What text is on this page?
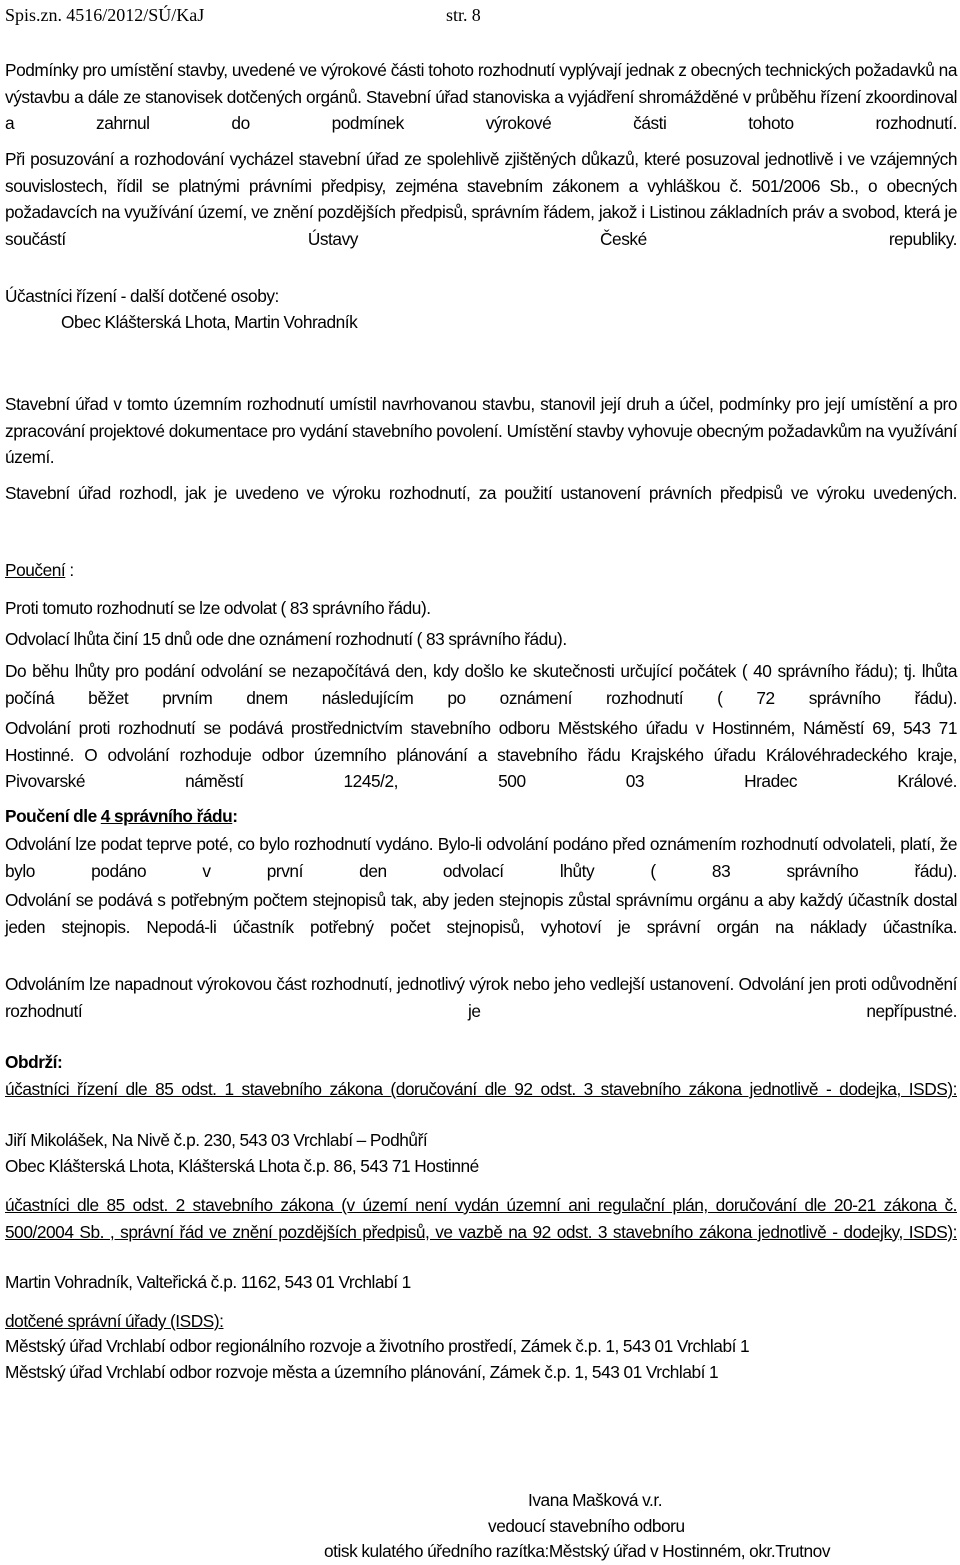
Spis.zn. 4516/2012/SÚ/KaJ	str. 8

Podmínky pro umístění stavby, uvedené ve výrokové části tohoto rozhodnutí vyplývají jednak z obecných technických požadavků na výstavbu a dále ze stanovisek dotčených orgánů. Stavební úřad stanoviska a vyjádření shromážděné v průběhu řízení zkoordinoval a zahrnul do podmínek výrokové části tohoto rozhodnutí.

Při posuzování a rozhodování vycházel stavební úřad ze spolehlivě zjištěných důkazů, které posuzoval jednotlivě i ve vzájemných souvislostech, řídil se platnými právními předpisy, zejména stavebním zákonem a vyhláškou č. 501/2006 Sb., o obecných požadavcích na využívání území, ve znění pozdějších předpisů, správním řádem, jakož i Listinou základních práv a svobod, která je součástí Ústavy České republiky.

Účastníci řízení - další dotčené osoby:
Obec Klášterská Lhota, Martin Vohradník

Stavební úřad v tomto územním rozhodnutí umístil navrhovanou stavbu, stanovil její druh a účel, podmínky pro její umístění a pro zpracování projektové dokumentace pro vydání stavebního povolení. Umístění stavby vyhovuje obecným požadavkům na využívání území.

Stavební úřad rozhodl, jak je uvedeno ve výroku rozhodnutí, za použití ustanovení právních předpisů ve výroku uvedených.

Poučení :
Proti tomuto rozhodnutí se lze odvolat ( 83 správního řádu).
Odvolací lhůta činí 15 dnů ode dne oznámení rozhodnutí ( 83 správního řádu).

Do běhu lhůty pro podání odvolání se nezapočítává den, kdy došlo ke skutečnosti určující počátek ( 40 správního řádu); tj. lhůta počíná běžet prvním dnem následujícím po oznámení rozhodnutí ( 72 správního řádu).

Odvolání proti rozhodnutí se podává prostřednictvím stavebního odboru Městského úřadu v Hostinném, Náměstí 69, 543 71 Hostinné. O odvolání rozhoduje odbor územního plánování a stavebního řádu Krajského úřadu Královéhradeckého kraje, Pivovarské náměstí 1245/2, 500 03 Hradec Králové.

Poučení dle 4 správního řádu:

Odvolání lze podat teprve poté, co bylo rozhodnutí vydáno. Bylo-li odvolání podáno před oznámením rozhodnutí odvolateli, platí, že bylo podáno v první den odvolací lhůty ( 83 správního řádu).

Odvolání se podává s potřebným počtem stejnopisů tak, aby jeden stejnopis zůstal správnímu orgánu a aby každý účastník dostal jeden stejnopis. Nepodá-li účastník potřebný počet stejnopisů, vyhotoví je správní orgán na náklady účastníka.

Odvoláním lze napadnout výrokovou část rozhodnutí, jednotlivý výrok nebo jeho vedlejší ustanovení. Odvolání jen proti odůvodnění rozhodnutí je nepřípustné.

Obdrží:

účastníci řízení dle 85 odst. 1 stavebního zákona (doručování dle 92 odst. 3 stavebního zákona jednotlivě - dodejka, ISDS):

Jiří Mikolášek, Na Nivě č.p. 230, 543 03 Vrchlabí – Podhůří
Obec Klášterská Lhota, Klášterská Lhota č.p. 86, 543 71 Hostinné

účastníci dle 85 odst. 2 stavebního zákona (v území není vydán územní ani regulační plán, doručování dle 20-21 zákona č. 500/2004 Sb. , správní řád ve znění pozdějších předpisů, ve vazbě na 92 odst. 3 stavebního zákona jednotlivě - dodejky, ISDS):

Martin Vohradník, Valteřická č.p. 1162, 543 01 Vrchlabí 1
dotčené správní úřady (ISDS):
Městský úřad Vrchlabí odbor regionálního rozvoje a životního prostředí, Zámek č.p. 1, 543 01 Vrchlabí 1
Městský úřad Vrchlabí odbor rozvoje města a územního plánování, Zámek č.p. 1, 543 01 Vrchlabí 1
Ivana Mašková v.r.
vedoucí stavebního odboru
otisk kulatého úředního razítka:Městský úřad v Hostinném, okr.Trutnov
